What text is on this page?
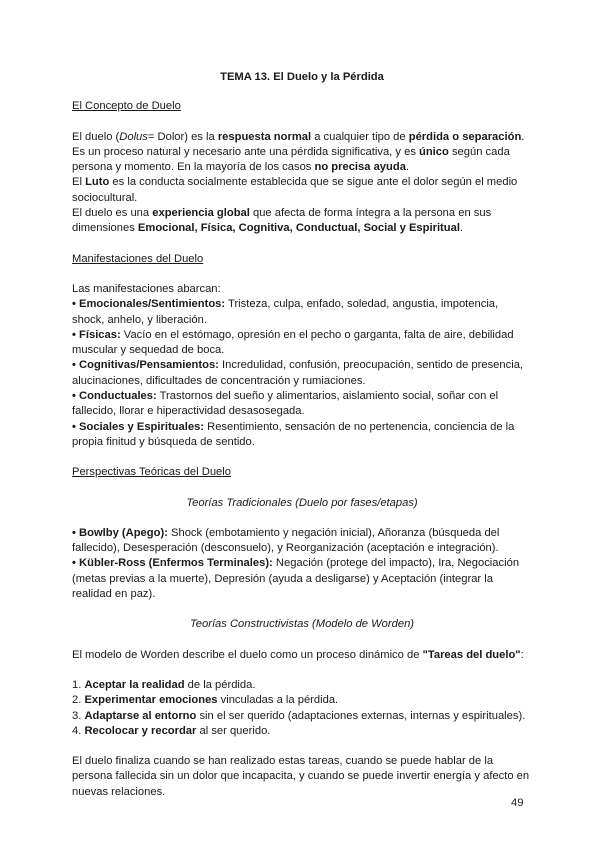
TEMA 13. El Duelo y la Pérdida

El Concepto de Duelo

El duelo (Dolus= Dolor) es la respuesta normal a cualquier tipo de pérdida o separación. Es un proceso natural y necesario ante una pérdida significativa, y es único según cada persona y momento. En la mayoría de los casos no precisa ayuda.

El Luto es la conducta socialmente establecida que se sigue ante el dolor según el medio sociocultural.

El duelo es una experiencia global que afecta de forma íntegra a la persona en sus dimensiones Emocional, Física, Cognitiva, Conductual, Social y Espiritual.

Manifestaciones del Duelo

Las manifestaciones abarcan:

• Emocionales/Sentimientos: Tristeza, culpa, enfado, soledad, angustia, impotencia, shock, anhelo, y liberación.

• Físicas: Vacío en el estómago, opresión en el pecho o garganta, falta de aire, debilidad muscular y sequedad de boca.

• Cognitivas/Pensamientos: Incredulidad, confusión, preocupación, sentido de presencia, alucinaciones, dificultades de concentración y rumiaciones.

• Conductuales: Trastornos del sueño y alimentarios, aislamiento social, soñar con el fallecido, llorar e hiperactividad desasosegada.

• Sociales y Espirituales: Resentimiento, sensación de no pertenencia, conciencia de la propia finitud y búsqueda de sentido.

Perspectivas Teóricas del Duelo

Teorías Tradicionales (Duelo por fases/etapas)

• Bowlby (Apego): Shock (embotamiento y negación inicial), Añoranza (búsqueda del fallecido), Desesperación (desconsuelo), y Reorganización (aceptación e integración).

• Kübler-Ross (Enfermos Terminales): Negación (protege del impacto), Ira, Negociación (metas previas a la muerte), Depresión (ayuda a desligarse) y Aceptación (integrar la realidad en paz).

Teorías Constructivistas (Modelo de Worden)

El modelo de Worden describe el duelo como un proceso dinámico de "Tareas del duelo":

1. Aceptar la realidad de la pérdida.

2. Experimentar emociones vinculadas a la pérdida.

3. Adaptarse al entorno sin el ser querido (adaptaciones externas, internas y espirituales).

4. Recolocar y recordar al ser querido.

El duelo finaliza cuando se han realizado estas tareas, cuando se puede hablar de la persona fallecida sin un dolor que incapacita, y cuando se puede invertir energía y afecto en nuevas relaciones.

49
